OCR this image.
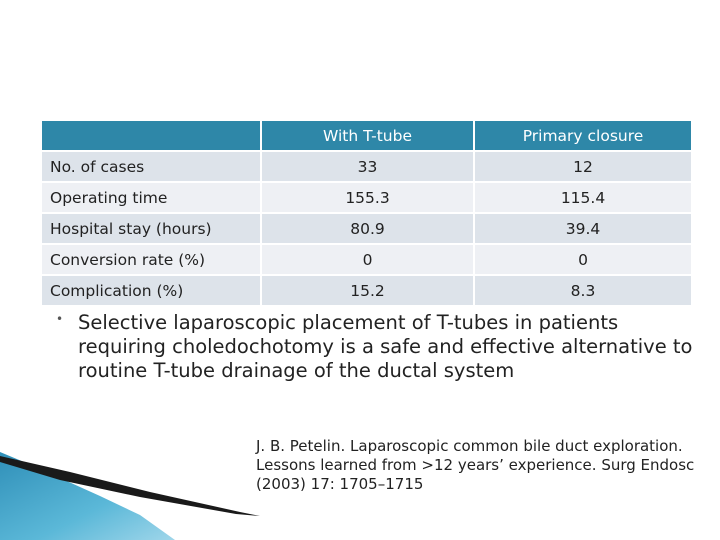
	With T-tube	Primary closure
No. of cases	33	12
Operating time	155.3	115.4
Hospital stay (hours)	80.9	39.4
Conversion rate (%)	0	0
Complication (%)	15.2	8.3
• Selective laparoscopic placement of T-tubes in patients requiring choledochotomy is a safe and effective alternative to routine T-tube drainage of the ductal system
J. B. Petelin. Laparoscopic common bile duct exploration. Lessons learned from >12 years’ experience. Surg Endosc (2003) 17: 1705–1715
